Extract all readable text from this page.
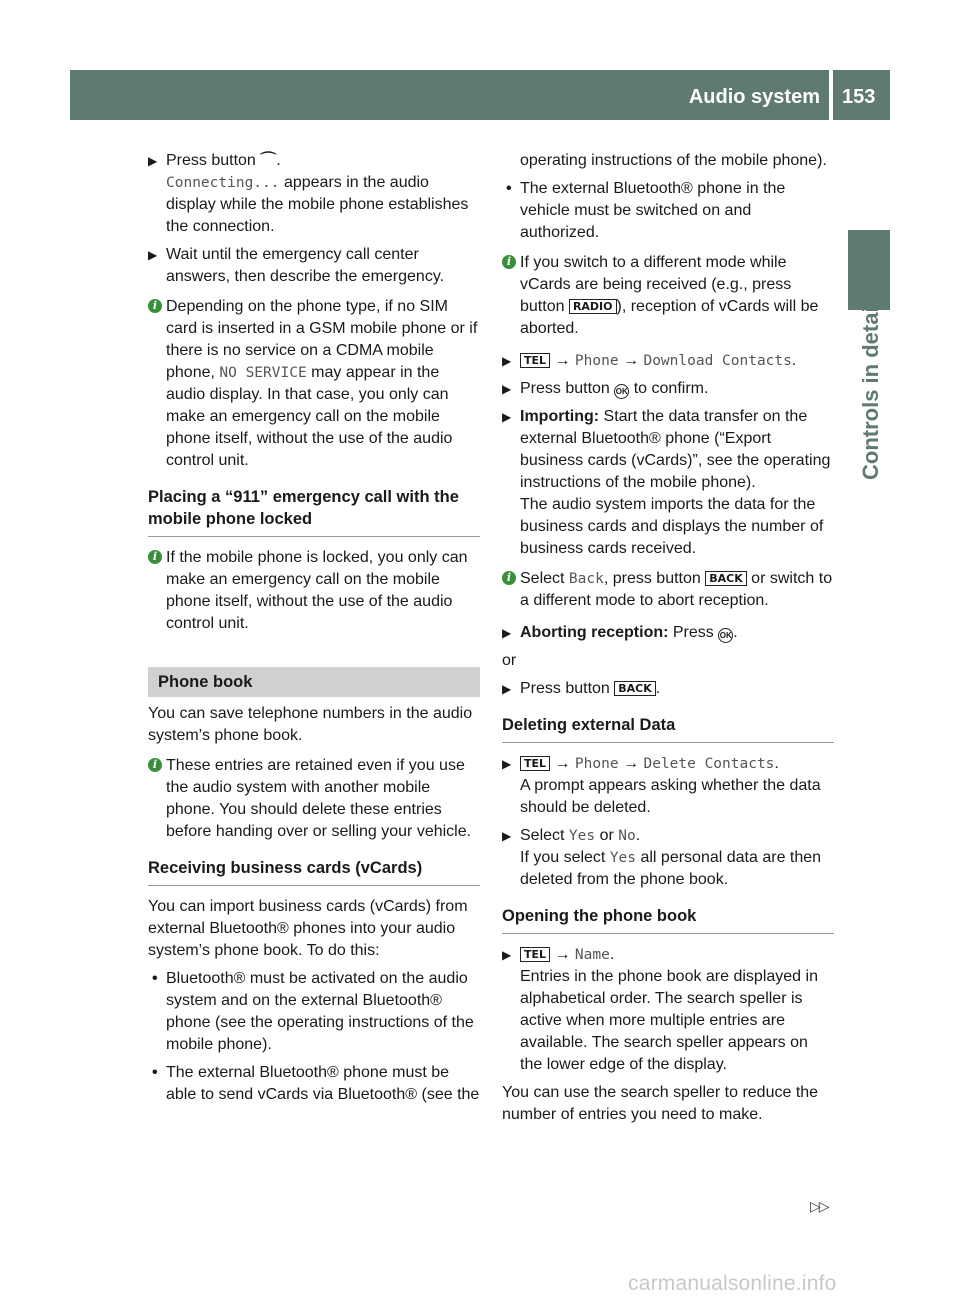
Audio system 153
Controls in detail
▶ Press button ⌒.
Connecting... appears in the audio display while the mobile phone establishes the connection.
▶ Wait until the emergency call center answers, then describe the emergency.
i Depending on the phone type, if no SIM card is inserted in a GSM mobile phone or if there is no service on a CDMA mobile phone, NO SERVICE may appear in the audio display. In that case, you only can make an emergency call on the mobile phone itself, without the use of the audio control unit.
Placing a “911” emergency call with the mobile phone locked
i If the mobile phone is locked, you only can make an emergency call on the mobile phone itself, without the use of the audio control unit.
Phone book

You can save telephone numbers in the audio system’s phone book.

i These entries are retained even if you use the audio system with another mobile phone. You should delete these entries before handing over or selling your vehicle.
Receiving business cards (vCards)

You can import business cards (vCards) from external Bluetooth® phones into your audio system’s phone book. To do this:

• Bluetooth® must be activated on the audio system and on the external Bluetooth® phone (see the operating instructions of the mobile phone).
• The external Bluetooth® phone must be able to send vCards via Bluetooth® (see the
operating instructions of the mobile phone).
• The external Bluetooth® phone in the vehicle must be switched on and authorized.
i If you switch to a different mode while vCards are being received (e.g., press button RADIO ), reception of vCards will be aborted.
▶ TEL → Phone → Download Contacts.
▶ Press button OK to confirm.
▶ Importing: Start the data transfer on the external Bluetooth® phone (“Export business cards (vCards)”, see the operating instructions of the mobile phone).
The audio system imports the data for the business cards and displays the number of business cards received.
i Select Back, press button BACK or switch to a different mode to abort reception.
▶ Aborting reception: Press OK.

or

▶ Press button BACK .
Deleting external Data
▶ TEL → Phone → Delete Contacts.
A prompt appears asking whether the data should be deleted.
▶ Select Yes or No.
If you select Yes all personal data are then deleted from the phone book.
Opening the phone book
▶ TEL → Name.
Entries in the phone book are displayed in alphabetical order. The search speller is active when more multiple entries are available. The search speller appears on the lower edge of the display.

You can use the search speller to reduce the number of entries you need to make.

▷▷
carmanualsonline.info
